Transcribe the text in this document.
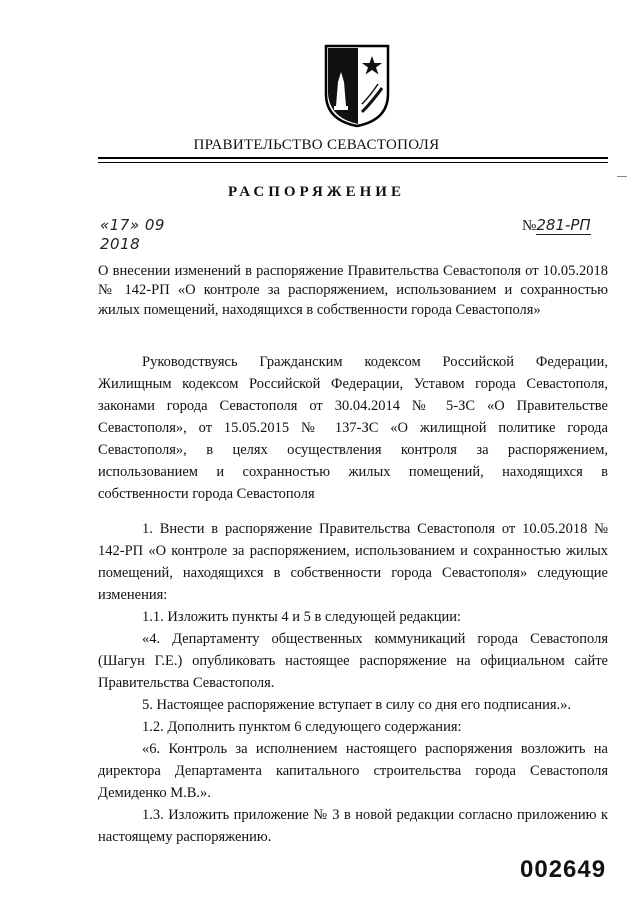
ПРАВИТЕЛЬСТВО СЕВАСТОПОЛЯ
РАСПОРЯЖЕНИЕ
«17» 09 2018
№281-РП
О внесении изменений в распоряжение Правительства Севастополя от 10.05.2018 № 142-РП «О контроле за распоряжением, использованием и сохранностью жилых помещений, находящихся в собственности города Севастополя»

Руководствуясь Гражданским кодексом Российской Федерации, Жилищным кодексом Российской Федерации, Уставом города Севастополя, законами города Севастополя от 30.04.2014 № 5-ЗС «О Правительстве Севастополя», от 15.05.2015 № 137-ЗС «О жилищной политике города Севастополя», в целях осуществления контроля за распоряжением, использованием и сохранностью жилых помещений, находящихся в собственности города Севастополя

1. Внести в распоряжение Правительства Севастополя от 10.05.2018 № 142-РП «О контроле за распоряжением, использованием и сохранностью жилых помещений, находящихся в собственности города Севастополя» следующие изменения:

1.1. Изложить пункты 4 и 5 в следующей редакции:

«4. Департаменту общественных коммуникаций города Севастополя (Шагун Г.Е.) опубликовать настоящее распоряжение на официальном сайте Правительства Севастополя.

5. Настоящее распоряжение вступает в силу со дня его подписания.».

1.2. Дополнить пунктом 6 следующего содержания:

«6. Контроль за исполнением настоящего распоряжения возложить на директора Департамента капитального строительства города Севастополя Демиденко М.В.».

1.3. Изложить приложение № 3 в новой редакции согласно приложению к настоящему распоряжению.

002649
